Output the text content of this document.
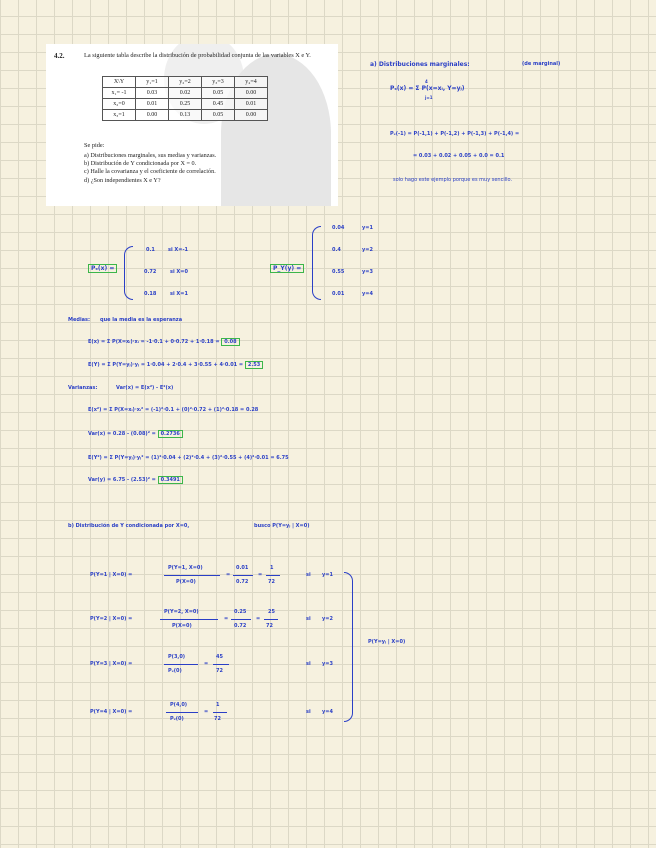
4.2.	La siguiente tabla describe la distribución de probabilidad conjunta de las variables X e Y.
X\Y	y₁=1	y₂=2	y₃=3	y₄=4
x₁= -1	0.03	0.02	0.05	0.00
x₂=0	0.01	0.25	0.45	0.01
x₃=1	0.00	0.13	0.05	0.00
Se pide:
a) Distribuciones marginales, sus medias y varianzas.
b) Distribución de Y condicionada por X = 0.
c) Halle la covarianza y el coeficiente de correlación.
d) ¿Son independientes X e Y?
a) Distribuciones marginales:	(de marginal)
Pₓ(x) = Σ P(x=xᵢ, Y=yⱼ)
4
j=1
Pₓ(-1) = P(-1,1) + P(-1,2) + P(-1,3) + P(-1,4) =
= 0.03 + 0.02 + 0.05 + 0.0 = 0.1
solo hago este ejemplo porque es muy sencillo.
Pₓ(x) =
0.1	si X=-1
0.72	si X=0
0.18	si X=1
P_Y(y) =
0.04	y=1
0.4	y=2
0.55	y=3
0.01	y=4
Medias: que la media es la esperanza
E(x) = Σ P(X=xᵢ)·xᵢ = -1·0.1 + 0·0.72 + 1·0.18 = 0.08
E(Y) = Σ P(Y=yⱼ)·yⱼ = 1·0.04 + 2·0.4 + 3·0.55 + 4·0.01 = 2.53
Varianzas:	Var(x) = E(x²) - E²(x)
E(x²) = Σ P(X=xᵢ)·xᵢ² = (-1)²·0.1 + (0)²·0.72 + (1)²·0.18 = 0.28
Var(x) = 0.28 - (0.08)² = 0.2736
E(Y²) = Σ P(Y=yⱼ)·yⱼ² = (1)²·0.04 + (2)²·0.4 + (3)²·0.55 + (4)²·0.01 = 6.75
Var(y) = 6.75 - (2.53)² = 0.3491
b) Distribución de Y condicionada por X=0,	busco P(Y=yⱼ | X=0)
P(Y=1 | X=0) =
P(Y=1, X=0)
P(X=0)
=
0.01
0.72
=
1
72
si y=1
P(Y=2 | X=0) =
P(Y=2, X=0)
P(X=0)
=
0.25
0.72
=
25
72
si y=2
P(Y=3 | X=0) =
P(3,0)
Pₓ(0)
=
45
72
si y=3
P(Y=4 | X=0) =
P(4,0)
Pₓ(0)
=
1
72
si y=4
P(Y=yⱼ | X=0)
